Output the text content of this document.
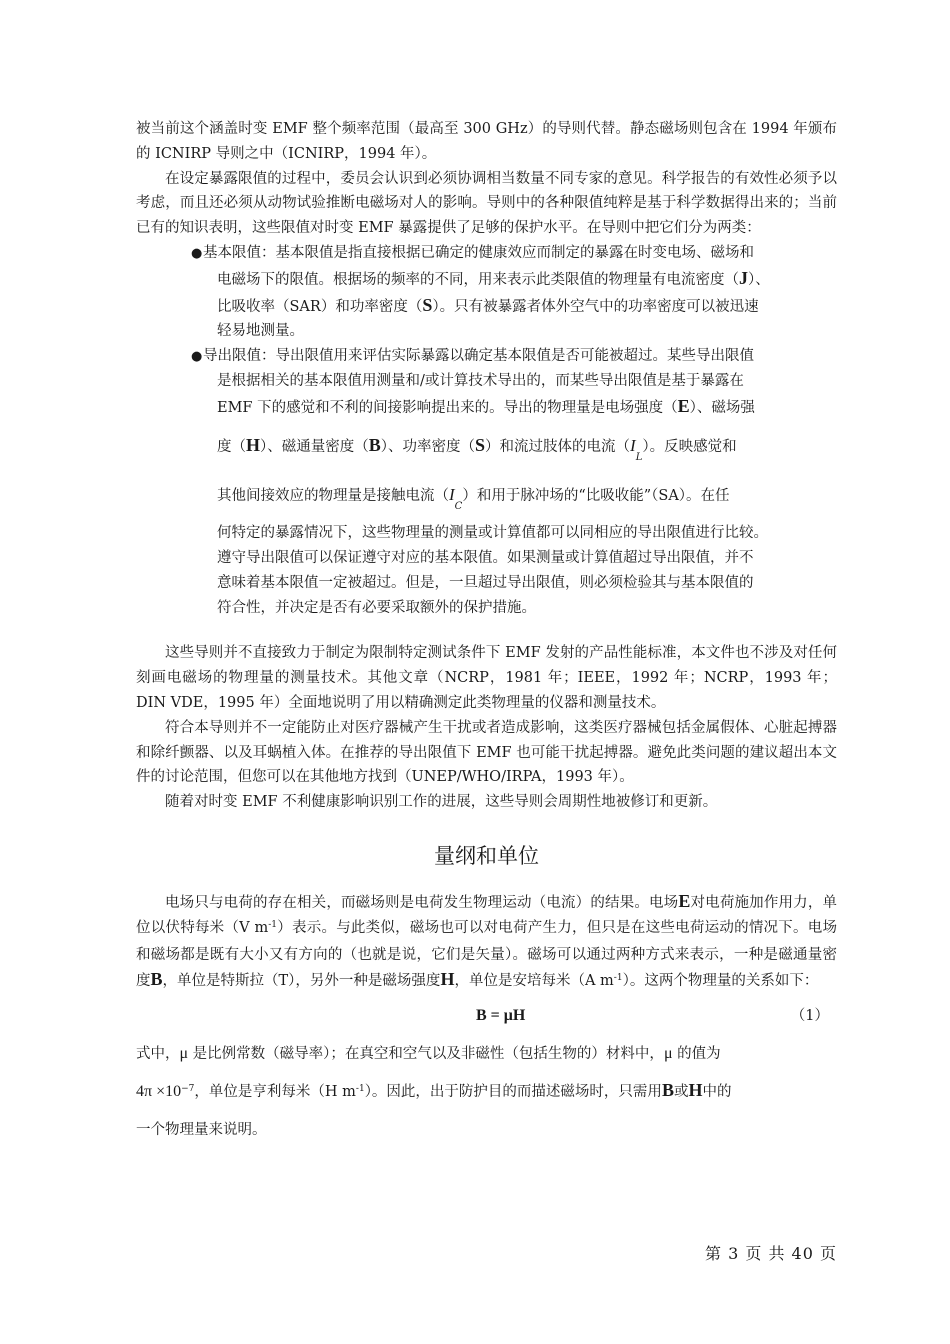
被当前这个涵盖时变 EMF 整个频率范围（最高至 300 GHz）的导则代替。静态磁场则包含在 1994 年颁布的 ICNIRP 导则之中（ICNIRP，1994 年）。

在设定暴露限值的过程中，委员会认识到必须协调相当数量不同专家的意见。科学报告的有效性必须予以考虑，而且还必须从动物试验推断电磁场对人的影响。导则中的各种限值纯粹是基于科学数据得出来的；当前已有的知识表明，这些限值对时变 EMF 暴露提供了足够的保护水平。在导则中把它们分为两类：

● 基本限值：基本限值是指直接根据已确定的健康效应而制定的暴露在时变电场、磁场和
电磁场下的限值。根据场的频率的不同，用来表示此类限值的物理量有电流密度（J）、
比吸收率（SAR）和功率密度（S）。只有被暴露者体外空气中的功率密度可以被迅速
轻易地测量。
● 导出限值：导出限值用来评估实际暴露以确定基本限值是否可能被超过。某些导出限值
是根据相关的基本限值用测量和/或计算技术导出的，而某些导出限值是基于暴露在
EMF 下的感觉和不利的间接影响提出来的。导出的物理量是电场强度（E）、磁场强
度（H）、磁通量密度（B）、功率密度（S）和流过肢体的电流$(I_L)$。反映感觉和
其他间接效应的物理量是接触电流$(I_C)$和用于脉冲场的“比吸收能”（SA）。在任
何特定的暴露情况下，这些物理量的测量或计算值都可以同相应的导出限值进行比较。
遵守导出限值可以保证遵守对应的基本限值。如果测量或计算值超过导出限值，并不
意味着基本限值一定被超过。但是，一旦超过导出限值，则必须检验其与基本限值的
符合性，并决定是否有必要采取额外的保护措施。

这些导则并不直接致力于制定为限制特定测试条件下 EMF 发射的产品性能标准，本文件也不涉及对任何刻画电磁场的物理量的测量技术。其他文章（NCRP，1981 年；IEEE，1992 年；NCRP，1993 年；DIN VDE，1995 年）全面地说明了用以精确测定此类物理量的仪器和测量技术。

符合本导则并不一定能防止对医疗器械产生干扰或者造成影响，这类医疗器械包括金属假体、心脏起搏器和除纤颤器、以及耳蜗植入体。在推荐的导出限值下 EMF 也可能干扰起搏器。避免此类问题的建议超出本文件的讨论范围，但您可以在其他地方找到（UNEP/WHO/IRPA，1993 年）。

随着对时变 EMF 不利健康影响识别工作的进展，这些导则会周期性地被修订和更新。

量纲和单位

电场只与电荷的存在相关，而磁场则是电荷发生物理运动（电流）的结果。电场E对电荷施加作用力，单位以伏特每米（V $m^{-1}$）表示。与此类似，磁场也可以对电荷产生力，但只是在这些电荷运动的情况下。电场和磁场都是既有大小又有方向的（也就是说，它们是矢量）。磁场可以通过两种方式来表示，一种是磁通量密度B，单位是特斯拉（T），另外一种是磁场强度H，单位是安培每米（A $m^{-1}$）。这两个物理量的关系如下：

B = μH	（1）

式中，μ 是比例常数（磁导率）；在真空和空气以及非磁性（包括生物的）材料中，μ 的值为
$4\pi \times 10^{-7}$，单位是亨利每米（H $m^{-1}$）。因此，出于防护目的而描述磁场时，只需用B或H中的
一个物理量来说明。

第 3 页 共 40 页
